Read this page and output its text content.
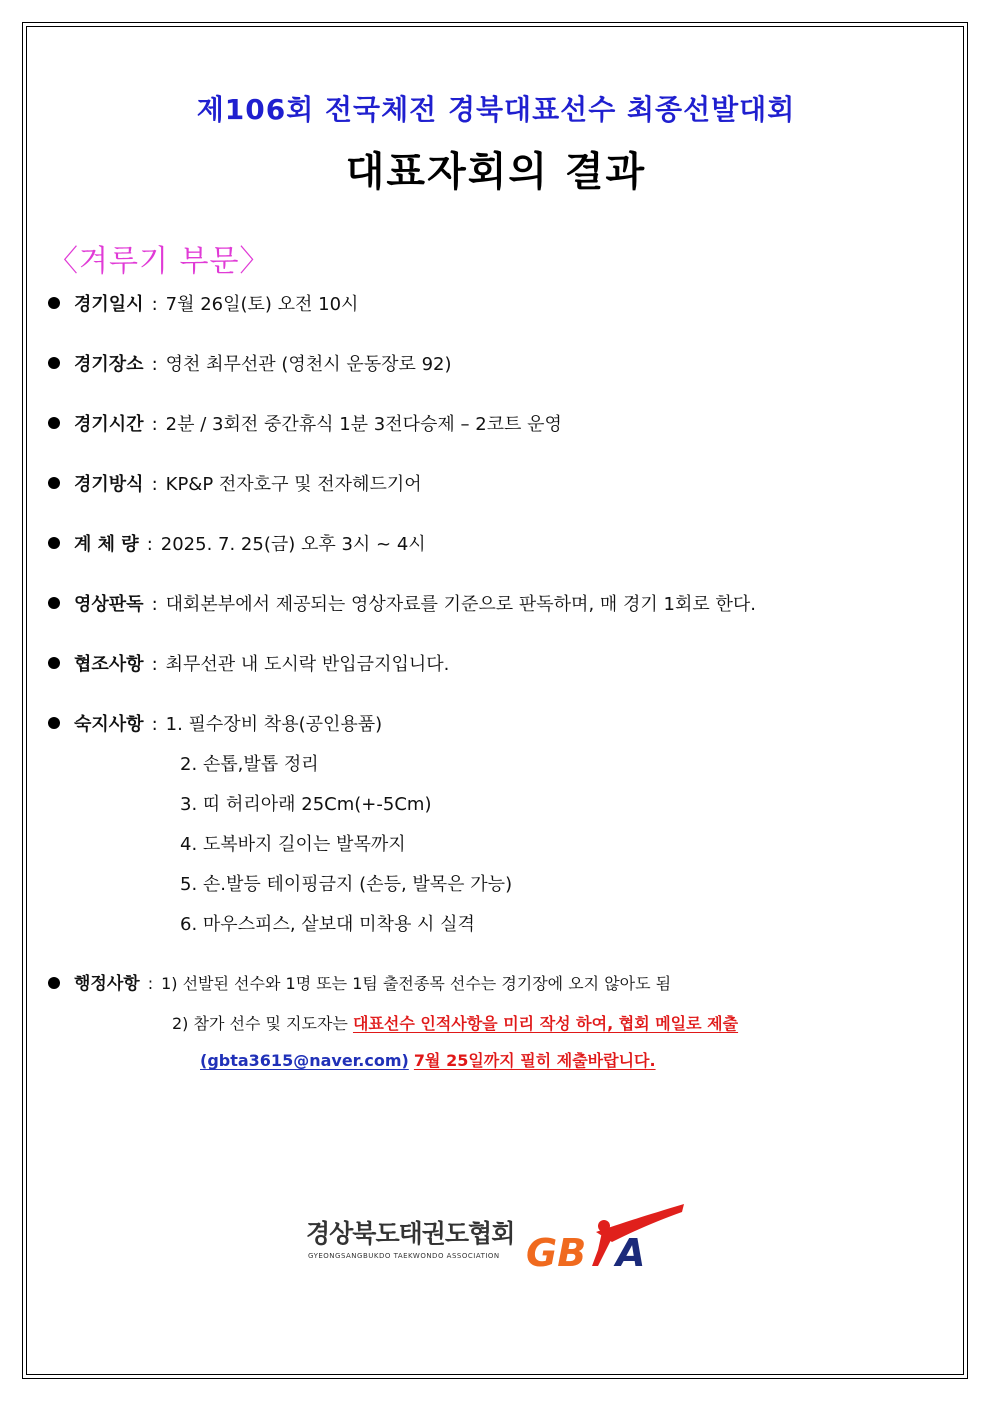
제106회 전국체전 경북대표선수 최종선발대회
대표자회의 결과
〈겨루기 부문〉
경기일시 : 7월 26일(토) 오전 10시
경기장소 : 영천 최무선관 (영천시 운동장로 92)
경기시간 : 2분 / 3회전 중간휴식 1분 3전다승제 – 2코트 운영
경기방식 : KP&P 전자호구 및 전자헤드기어
계 체 량 : 2025. 7. 25(금) 오후 3시 ~ 4시
영상판독 : 대회본부에서 제공되는 영상자료를 기준으로 판독하며, 매 경기 1회로 한다.
협조사항 : 최무선관 내 도시락 반입금지입니다.
숙지사항 : 1. 필수장비 착용(공인용품)
2. 손톱,발톱 정리
3. 띠 허리아래 25Cm(+-5Cm)
4. 도복바지 길이는 발목까지
5. 손.발등 테이핑금지 (손등, 발목은 가능)
6. 마우스피스, 샅보대 미착용 시 실격
행정사항 : 1) 선발된 선수와 1명 또는 1팀 출전종목 선수는 경기장에 오지 않아도 됨
2) 참가 선수 및 지도자는 대표선수 인적사항을 미리 작성 하여, 협회 메일로 제출
(gbta3615@naver.com) 7월 25일까지 필히 제출바랍니다.
경상북도태권도협회
GYEONGSANGBUKDO TAEKWONDO ASSOCIATION GB A
